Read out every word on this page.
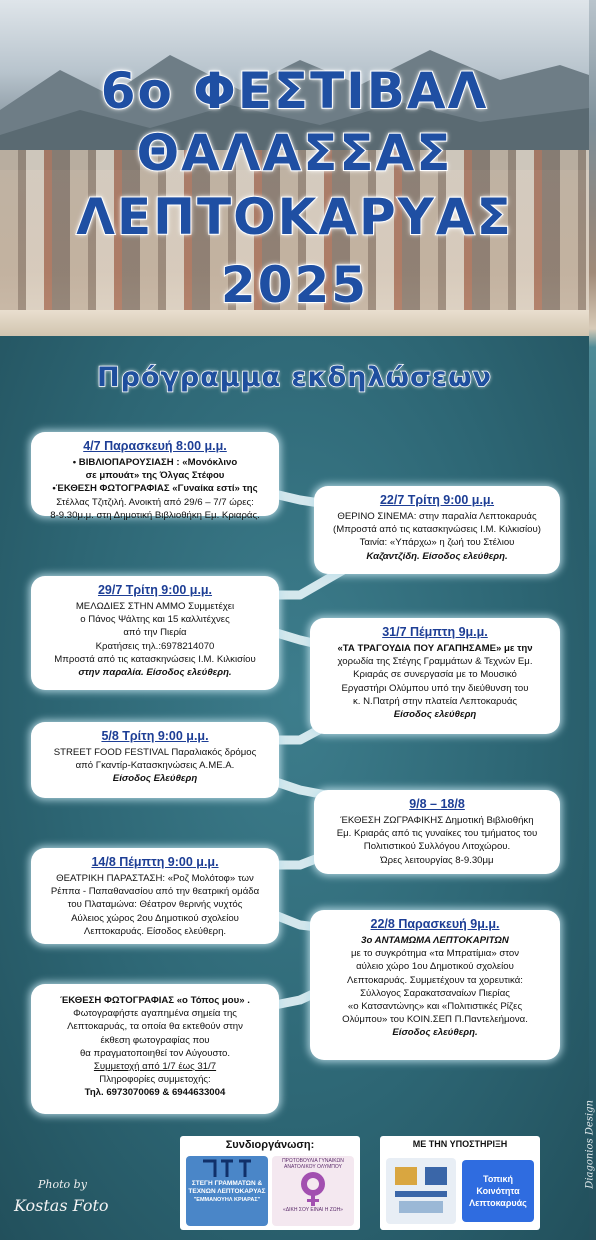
6ο ΦΕΣΤΙΒΑΛ
ΘΑΛΑΣΣΑΣ
ΛΕΠΤΟΚΑΡΥΑΣ
2025
Πρόγραμμα εκδηλώσεων
4/7 Παρασκευή 8:00 μ.μ.
• ΒΙΒΛΙΟΠΑΡΟΥΣΙΑΣΗ : «Μονόκλινο
σε μπουάτ» της Όλγας Στέφου
•ΈΚΘΕΣΗ ΦΩΤΟΓΡΑΦΙΑΣ «Γυναίκα εστί» της
Στέλλας Τζιτζιλή. Ανοικτή από 29/6 – 7/7 ώρες:
8-9.30μ.μ. στη Δημοτική Βιβλιοθήκη Εμ. Κριαράς.
22/7 Τρίτη 9:00 μ.μ.
ΘΕΡΙΝΟ ΣΙΝΕΜΑ: στην παραλία Λεπτοκαρυάς
(Μπροστά από τις κατασκηνώσεις Ι.Μ. Κιλκισίου)
Ταινία: «Υπάρχω» η ζωή του Στέλιου
Καζαντζίδη. Είσοδος ελεύθερη.
29/7 Τρίτη 9:00 μ.μ.
ΜΕΛΩΔΙΕΣ ΣΤΗΝ ΑΜΜΟ Συμμετέχει
ο Πάνος Ψάλτης και 15 καλλιτέχνες
από την Πιερία
Κρατήσεις τηλ.:6978214070
Μπροστά από τις κατασκηνώσεις Ι.Μ. Κιλκισίου
στην παραλία. Είσοδος ελεύθερη.
31/7 Πέμπτη 9μ.μ.
«ΤΑ ΤΡΑΓΟΥΔΙΑ ΠΟΥ ΑΓΑΠΗΣΑΜΕ» με την
χορωδία της Στέγης Γραμμάτων & Τεχνών Εμ.
Κριαράς σε συνεργασία με το Μουσικό
Εργαστήρι Ολύμπου υπό την διεύθυνση του
κ. Ν.Πατρή στην πλατεία Λεπτοκαρυάς
Είσοδος ελεύθερη
5/8 Τρίτη 9:00 μ.μ.
STREET FOOD FESTIVAL Παραλιακός δρόμος
από Γκαντίρ-Κατασκηνώσεις Α.ΜΕ.Α.
Είσοδος Ελεύθερη
9/8 – 18/8
ΈΚΘΕΣΗ ΖΩΓΡΑΦΙΚΗΣ Δημοτική Βιβλιοθήκη
Εμ. Κριαράς από τις γυναίκες του τμήματος του
Πολιτιστικού Συλλόγου Λιτοχώρου.
Ώρες λειτουργίας 8-9.30μμ
14/8 Πέμπτη 9:00 μ.μ.
ΘΕΑΤΡΙΚΗ ΠΑΡΑΣΤΑΣΗ: «Ροζ Μολότοφ» των
Ρέππα - Παπαθανασίου από την θεατρική ομάδα
του Πλαταμώνα: Θέατρον θερινής νυχτός
Αύλειος χώρος 2ου Δημοτικού σχολείου
Λεπτοκαρυάς. Είσοδος ελεύθερη.
22/8 Παρασκευή 9μ.μ.
3ο ΑΝΤΑΜΩΜΑ ΛΕΠΤΟΚΑΡΙΤΩΝ
με το συγκρότημα «τα Μπρατίμια» στον
αύλειο χώρο 1ου Δημοτικού σχολείου
Λεπτοκαρυάς. Συμμετέχουν τα χορευτικά:
Σύλλογος Σαρακατσαναίων Πιερίας
«ο Κατσαντώνης» και «Πολιτιστικές Ρίζες
Ολύμπου» του ΚΟΙΝ.ΣΕΠ Π.Παντελεήμονα.
Είσοδος ελεύθερη.
ΈΚΘΕΣΗ ΦΩΤΟΓΡΑΦΙΑΣ «ο Τόπος μου» .
Φωτογραφήστε αγαπημένα σημεία της
Λεπτοκαρυάς, τα οποία θα εκτεθούν στην
έκθεση φωτογραφίας που
θα πραγματοποιηθεί τον Αύγουστο.
Συμμετοχή από 1/7 έως 31/7
Πληροφορίες συμμετοχής:
Τηλ. 6973070069 & 6944633004
Συνδιοργάνωση:
ΣΤΕΓΗ ΓΡΑΜΜΑΤΩΝ & ΤΕΧΝΩΝ ΛΕΠΤΟΚΑΡΥΑΣ "ΕΜΜΑΝΟΥΗΛ ΚΡΙΑΡΑΣ"
ΠΡΩΤΟΒΟΥΛΙΑ ΓΥΝΑΙΚΩΝ ΑΝΑΤΟΛΙΚΟΥ ΟΛΥΜΠΟΥ
«ΔΙΚΗ ΣΟΥ ΕΙΝΑΙ Η ΖΩΗ»
ΜΕ ΤΗΝ ΥΠΟΣΤΗΡΙΞΗ
Τοπική Κοινότητα Λεπτοκαρυάς
Photo by
Kostas Foto
Diagonios Design
